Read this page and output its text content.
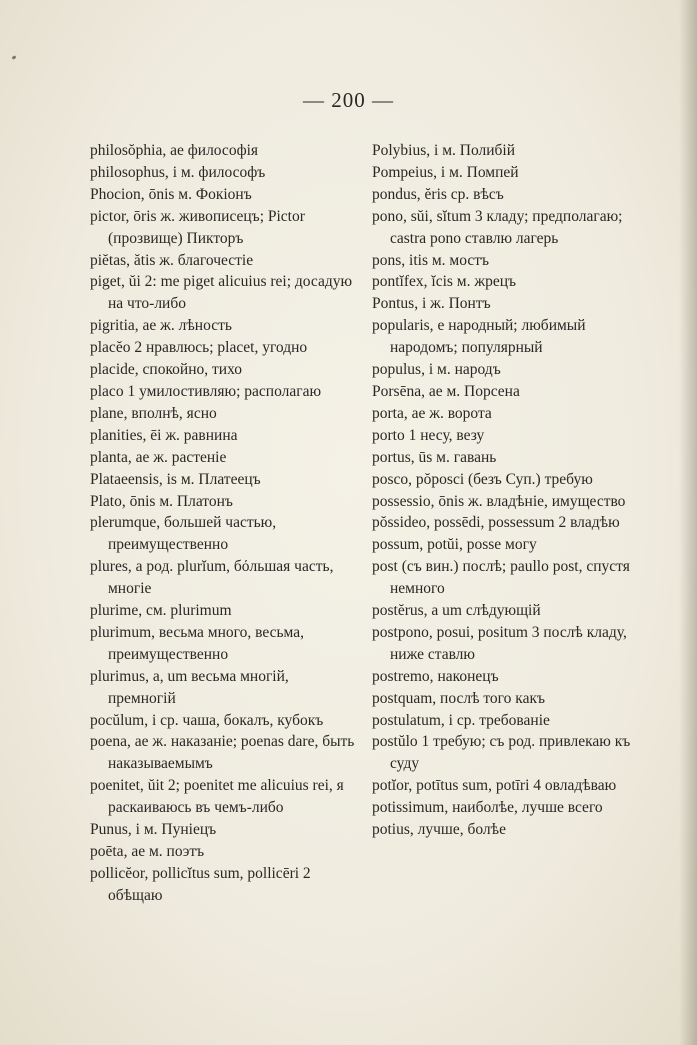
— 200 —
philosŏphia, ae философія
philosophus, i м. философъ
Phocion, ōnis м. Фокіонъ
pictor, ōris ж. живописецъ; Pictor (прозвище) Пикторъ
piĕtas, ătis ж. благочестіе
piget, ŭi 2: me piget alicuius rei; досадую на что-либо
pigritia, ae ж. лѣность
placĕo 2 нравлюсь; placet, угодно
placide, спокойно, тихо
placo 1 умилостивляю; располагаю
plane, вполнѣ, ясно
planities, ēi ж. равнина
planta, ae ж. растеніе
Plataeensis, is м. Платеецъ
Plato, ōnis м. Платонъ
plerumque, большей частью, преимущественно
plures, a род. plurĭum, бόльшая часть, многіе
plurime, см. plurimum
plurimum, весьма много, весьма, преимущественно
plurimus, a, um весьма многій, премногій
pocŭlum, i ср. чаша, бокалъ, кубокъ
poena, ae ж. наказаніе; poenas dare, быть наказываемымъ
poenitet, ŭit 2; poenitet me alicuius rei, я раскаиваюсь въ чемъ-либо
Punus, i м. Пуніецъ
poēta, ae м. поэтъ
pollicĕor, pollicĭtus sum, pollicēri 2 обѣщаю
Polybius, i м. Полибій
Pompeius, i м. Помпей
pondus, ĕris ср. вѣсъ
pono, sŭi, sĭtum 3 кладу; предполагаю; castra pono ставлю лагерь
pons, itis м. мостъ
pontĭfex, ĭcis м. жрецъ
Pontus, i ж. Понтъ
popularis, e народный; любимый народомъ; популярный
populus, i м. народъ
Porsēna, ae м. Порсена
porta, ae ж. ворота
porto 1 несу, везу
portus, ūs м. гавань
posco, pŏposci (безъ Суп.) требую
possessio, ōnis ж. владѣніе, имущество
pŏssideo, possēdi, possessum 2 владѣю
possum, potŭi, posse могу
post (съ вин.) послѣ; paullo post, спустя немного
postĕrus, a um слѣдующій
postpono, posui, positum 3 послѣ кладу, ниже ставлю
postremo, наконецъ
postquam, послѣ того какъ
postulatum, i ср. требованіе
postŭlo 1 требую; съ род. привлекаю къ суду
potĭor, potītus sum, potīri 4 овладѣваю
potissimum, наиболѣе, лучше всего
potius, лучше, болѣе
